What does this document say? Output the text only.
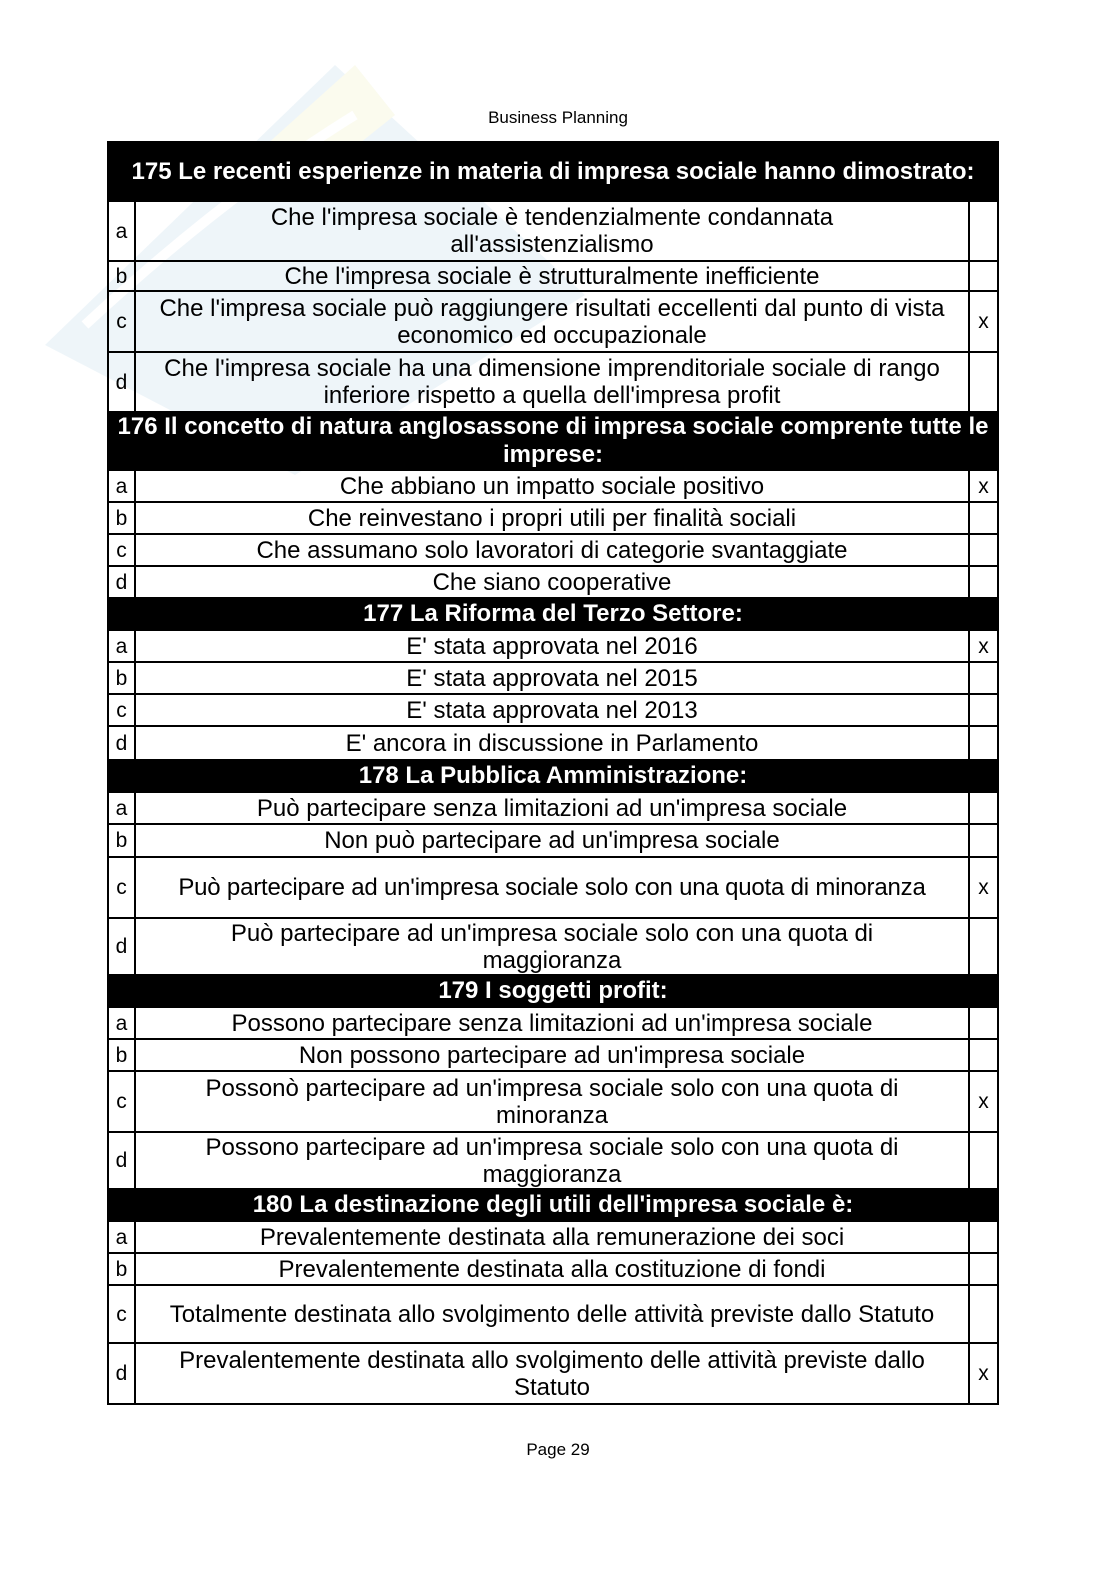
Business Planning
175 Le recenti esperienze in materia di impresa sociale hanno dimostrato:		
a	Che l'impresa sociale è tendenzialmente condannata all'assistenzialismo	
b	Che l'impresa sociale è strutturalmente inefficiente	
c	Che l'impresa sociale può raggiungere risultati eccellenti dal punto di vista economico ed occupazionale	x
d	Che l'impresa sociale ha una dimensione imprenditoriale sociale di rango inferiore rispetto a quella dell'impresa profit	
176 Il concetto di natura anglosassone di impresa sociale comprente tutte le imprese:		
a	Che abbiano un impatto sociale positivo	x
b	Che reinvestano i propri utili per finalità sociali	
c	Che assumano solo lavoratori di categorie svantaggiate	
d	Che siano cooperative	
177 La Riforma del Terzo Settore:		
a	E' stata approvata nel 2016	x
b	E' stata approvata nel 2015	
c	E' stata approvata nel 2013	
d	E' ancora in discussione in Parlamento	
178 La Pubblica Amministrazione:		
a	Può partecipare senza limitazioni ad un'impresa sociale	
b	Non può partecipare ad un'impresa sociale	
c	Può partecipare ad un'impresa sociale solo con una quota di minoranza	x
d	Può partecipare ad un'impresa sociale solo con una quota di maggioranza	
179 I soggetti profit:		
a	Possono partecipare senza limitazioni ad un'impresa sociale	
b	Non possono partecipare ad un'impresa sociale	
c	Possonò partecipare ad un'impresa sociale solo con una quota di minoranza	x
d	Possono partecipare ad un'impresa sociale solo con una quota di maggioranza	
180 La destinazione degli utili dell'impresa sociale è:		
a	Prevalentemente destinata alla remunerazione dei soci	
b	Prevalentemente destinata alla costituzione di fondi	
c	Totalmente destinata allo svolgimento delle attività previste dallo Statuto	
d	Prevalentemente destinata allo svolgimento delle attività previste dallo Statuto	x
Page 29
